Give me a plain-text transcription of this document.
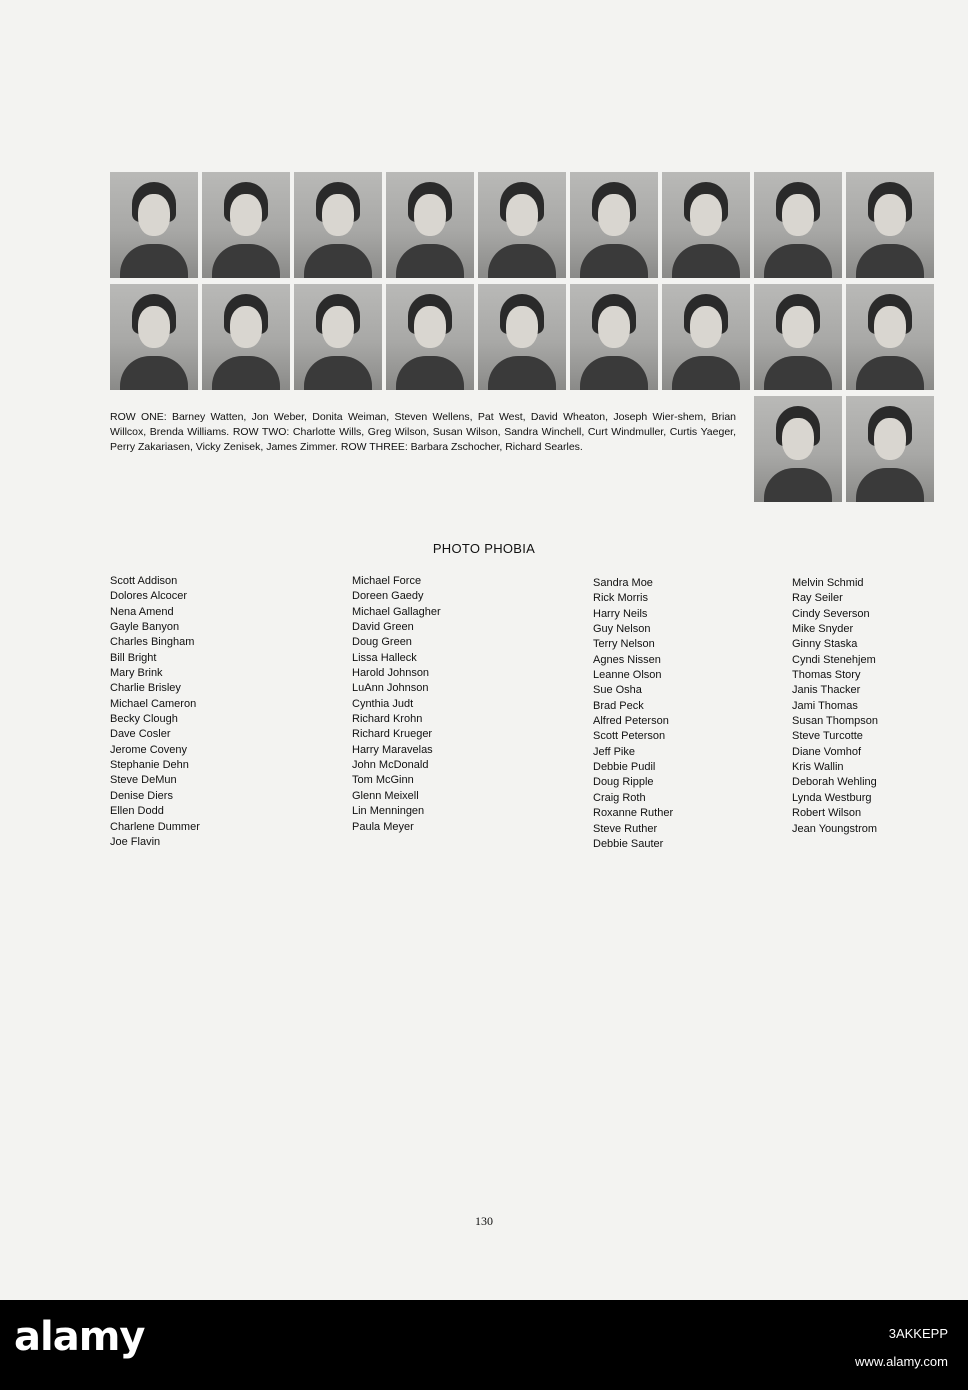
ROW ONE: Barney Watten, Jon Weber, Donita Weiman, Steven Wellens, Pat West, David Wheaton, Joseph Wier-shem, Brian Willcox, Brenda Williams. ROW TWO: Charlotte Wills, Greg Wilson, Susan Wilson, Sandra Winchell, Curt Windmuller, Curtis Yaeger, Perry Zakariasen, Vicky Zenisek, James Zimmer. ROW THREE: Barbara Zschocher, Richard Searles.
PHOTO PHOBIA
Scott Addison
Dolores Alcocer
Nena Amend
Gayle Banyon
Charles Bingham
Bill Bright
Mary Brink
Charlie Brisley
Michael Cameron
Becky Clough
Dave Cosler
Jerome Coveny
Stephanie Dehn
Steve DeMun
Denise Diers
Ellen Dodd
Charlene Dummer
Joe Flavin
Michael Force
Doreen Gaedy
Michael Gallagher
David Green
Doug Green
Lissa Halleck
Harold Johnson
LuAnn Johnson
Cynthia Judt
Richard Krohn
Richard Krueger
Harry Maravelas
John McDonald
Tom McGinn
Glenn Meixell
Lin Menningen
Paula Meyer
Sandra Moe
Rick Morris
Harry Neils
Guy Nelson
Terry Nelson
Agnes Nissen
Leanne Olson
Sue Osha
Brad Peck
Alfred Peterson
Scott Peterson
Jeff Pike
Debbie Pudil
Doug Ripple
Craig Roth
Roxanne Ruther
Steve Ruther
Debbie Sauter
Melvin Schmid
Ray Seiler
Cindy Severson
Mike Snyder
Ginny Staska
Cyndi Stenehjem
Thomas Story
Janis Thacker
Jami Thomas
Susan Thompson
Steve Turcotte
Diane Vomhof
Kris Wallin
Deborah Wehling
Lynda Westburg
Robert Wilson
Jean Youngstrom
130
alamy	3AKKEPP
www.alamy.com
